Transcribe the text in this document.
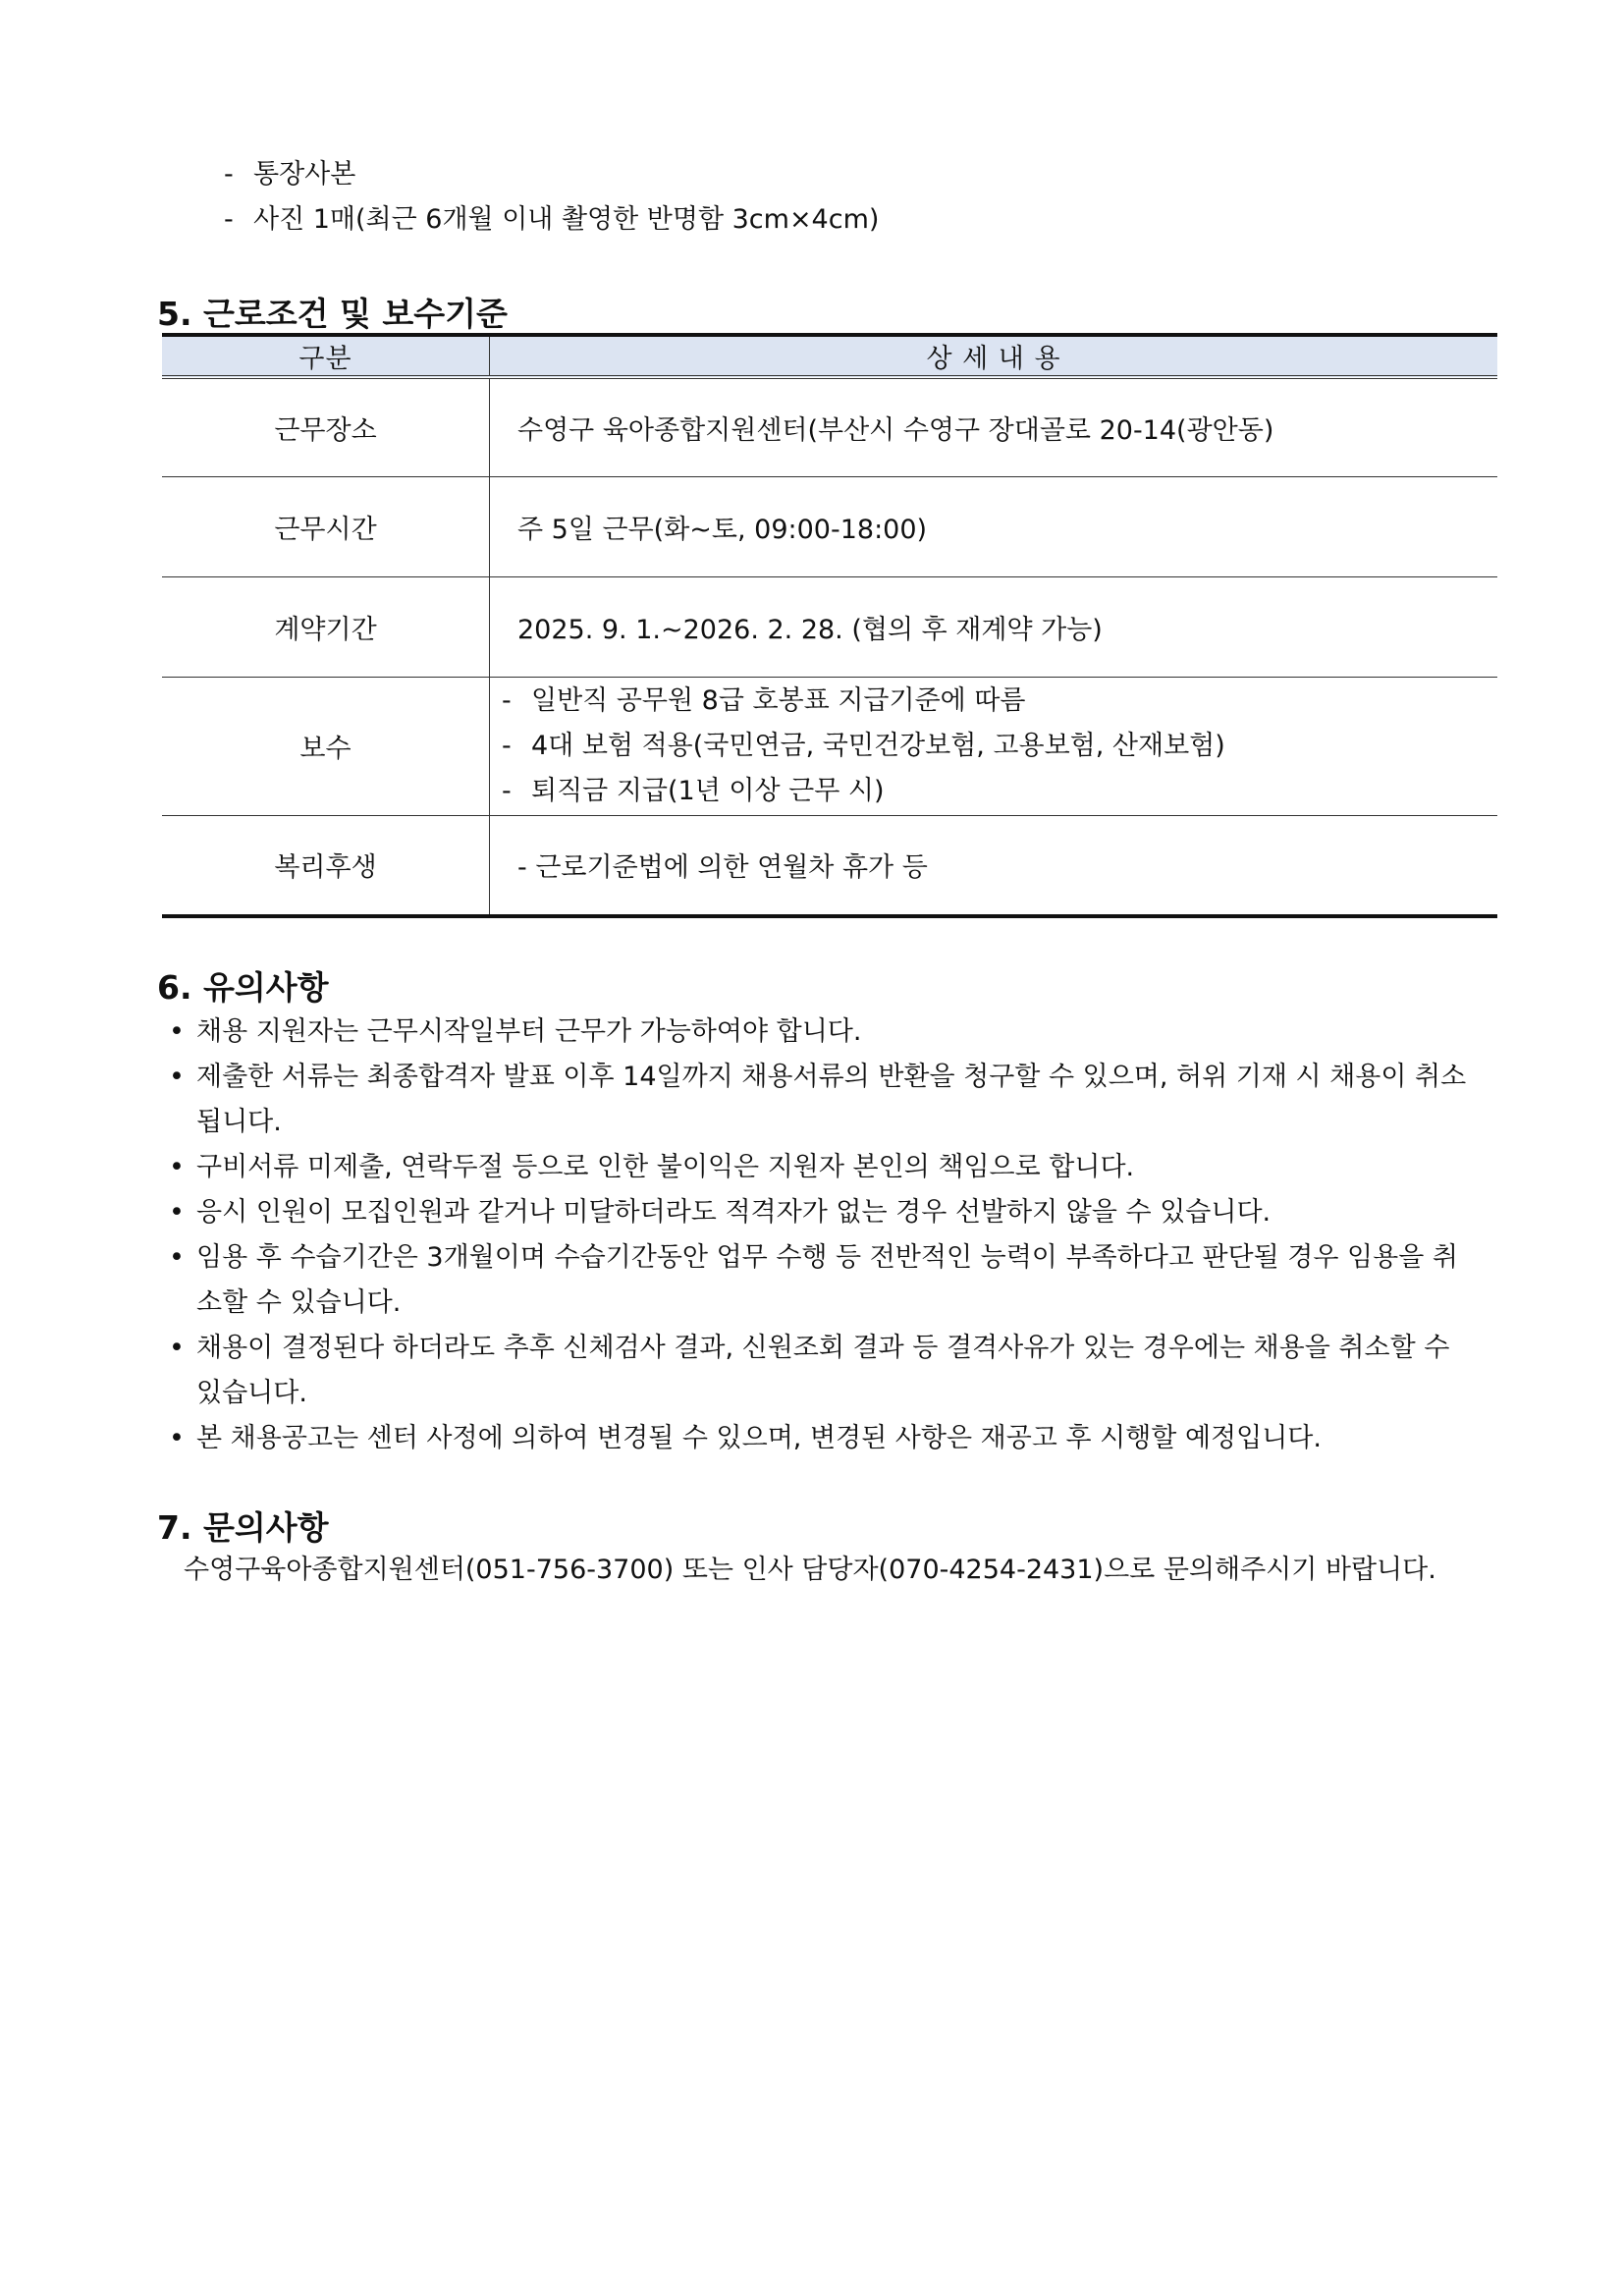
- 통장사본
- 사진 1매(최근 6개월 이내 촬영한 반명함 3cm×4cm)
5. 근로조건 및 보수기준
구분	상 세 내 용
근무장소	수영구 육아종합지원센터(부산시 수영구 장대골로 20-14(광안동)
근무시간	주 5일 근무(화~토, 09:00-18:00)
계약기간	2025. 9. 1.~2026. 2. 28. (협의 후 재계약 가능)
보수	- 일반직 공무원 8급 호봉표 지급기준에 따름
- 4대 보험 적용(국민연금, 국민건강보험, 고용보험, 산재보험)
- 퇴직금 지급(1년 이상 근무 시)

복리후생	- 근로기준법에 의한 연월차 휴가 등
6. 유의사항
• 채용 지원자는 근무시작일부터 근무가 가능하여야 합니다.
• 제출한 서류는 최종합격자 발표 이후 14일까지 채용서류의 반환을 청구할 수 있으며, 허위 기재 시 채용이 취소됩니다.
• 구비서류 미제출, 연락두절 등으로 인한 불이익은 지원자 본인의 책임으로 합니다.
• 응시 인원이 모집인원과 같거나 미달하더라도 적격자가 없는 경우 선발하지 않을 수 있습니다.
• 임용 후 수습기간은 3개월이며 수습기간동안 업무 수행 등 전반적인 능력이 부족하다고 판단될 경우 임용을 취소할 수 있습니다.
• 채용이 결정된다 하더라도 추후 신체검사 결과, 신원조회 결과 등 결격사유가 있는 경우에는 채용을 취소할 수 있습니다.
• 본 채용공고는 센터 사정에 의하여 변경될 수 있으며, 변경된 사항은 재공고 후 시행할 예정입니다.
7. 문의사항
수영구육아종합지원센터(051-756-3700) 또는 인사 담당자(070-4254-2431)으로 문의해주시기 바랍니다.
